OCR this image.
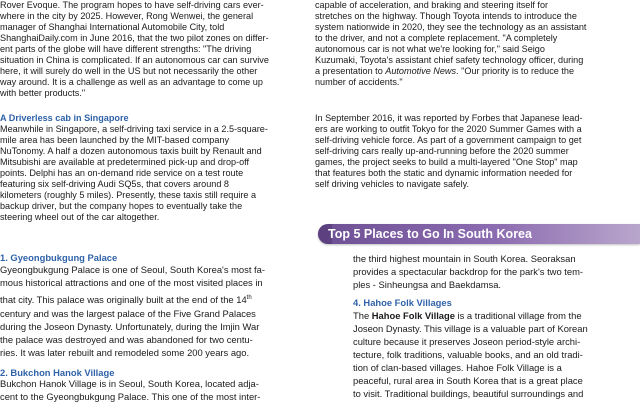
Rover Evoque. The program hopes to have self-driving cars ever-
where in the city by 2025. However, Rong Wenwei, the general
manager of Shanghai International Automobile City, told
ShanghaiDaily.com in June 2016, that the two pilot zones on differ-
ent parts of the globe will have different strengths: "The driving
situation in China is complicated. If an autonomous car can survive
here, it will surely do well in the US but not necessarily the other
way around. It is a challenge as well as an advantage to come up
with better products."
A Driverless cab in Singapore
Meanwhile in Singapore, a self-driving taxi service in a 2.5-square-
mile area has been launched by the MIT-based company
NuTonomy. A half a dozen autonomous taxis built by Renault and
Mitsubishi are available at predetermined pick-up and drop-off
points. Delphi has an on-demand ride service on a test route
featuring six self-driving Audi SQ5s, that covers around 8
kilometers (roughly 5 miles). Presently, these taxis still require a
backup driver, but the company hopes to eventually take the
steering wheel out of the car altogether.
1. Gyeongbukgung Palace
Gyeongbukgung Palace is one of Seoul, South Korea's most fa-
mous historical attractions and one of the most visited places in
that city. This palace was originally built at the end of the 14th
century and was the largest palace of the Five Grand Palaces
during the Joseon Dynasty. Unfortunately, during the Imjin War
the palace was destroyed and was abandoned for two centu-
ries. It was later rebuilt and remodeled some 200 years ago.
2. Bukchon Hanok Village
Bukchon Hanok Village is in Seoul, South Korea, located adja-
cent to the Gyeongbukgung Palace. This one of the most inter-
capable of acceleration, and braking and steering itself for
stretches on the highway. Though Toyota intends to introduce the
system nationwide in 2020, they see the technology as an assistant
to the driver, and not a complete replacement. "A completely
autonomous car is not what we're looking for," said Seigo
Kuzumaki, Toyota's assistant chief safety technology officer, during
a presentation to Automotive News. "Our priority is to reduce the
number of accidents."
In September 2016, it was reported by Forbes that Japanese lead-
ers are working to outfit Tokyo for the 2020 Summer Games with a
self-driving vehicle force. As part of a government campaign to get
self-driving cars really up-and-running before the 2020 summer
games, the project seeks to build a multi-layered "One Stop" map
that features both the static and dynamic information needed for
self driving vehicles to navigate safely.
Top 5 Places to Go In South Korea
the third highest mountain in South Korea. Seoraksan
provides a spectacular backdrop for the park's two tem-
ples - Sinheungsa and Baekdamsa.
4. Hahoe Folk Villages
The Hahoe Folk Village is a traditional village from the
Joseon Dynasty. This village is a valuable part of Korean
culture because it preserves Joseon period-style archi-
tecture, folk traditions, valuable books, and an old tradi-
tion of clan-based villages. Hahoe Folk Village is a
peaceful, rural area in South Korea that is a great place
to visit. Traditional buildings, beautiful surroundings and
